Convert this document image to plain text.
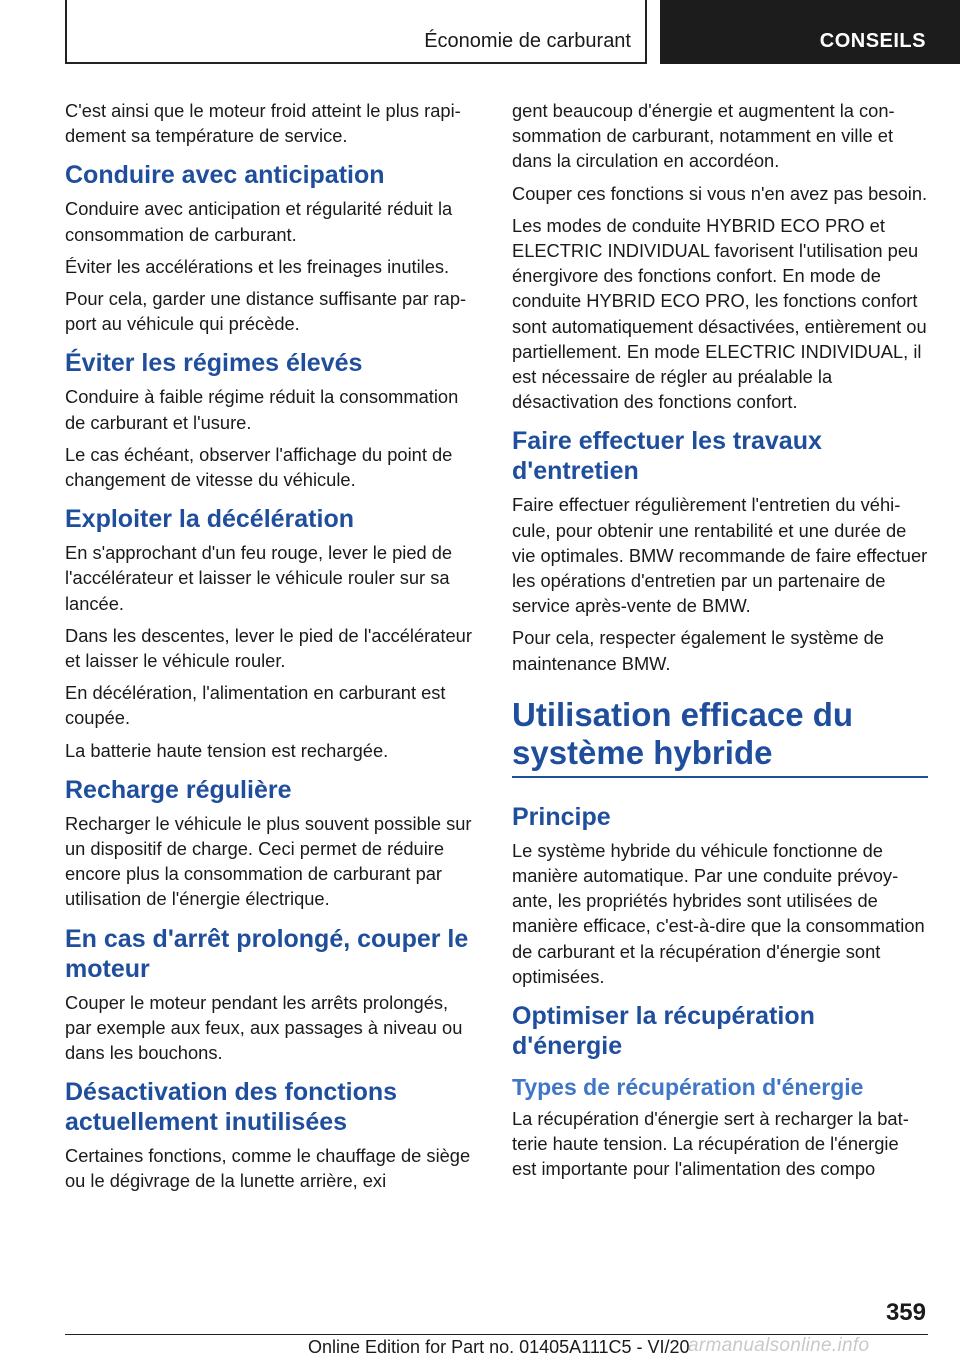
Économie de carburant	CONSEILS

C'est ainsi que le moteur froid atteint le plus rapidement sa température de service.

Conduire avec anticipation

Conduire avec anticipation et régularité réduit la consommation de carburant.

Éviter les accélérations et les freinages inutiles.

Pour cela, garder une distance suffisante par rapport au véhicule qui précède.

Éviter les régimes élevés

Conduire à faible régime réduit la consommation de carburant et l'usure.

Le cas échéant, observer l'affichage du point de changement de vitesse du véhicule.

Exploiter la décélération

En s'approchant d'un feu rouge, lever le pied de l'accélérateur et laisser le véhicule rouler sur sa lancée.

Dans les descentes, lever le pied de l'accélérateur et laisser le véhicule rouler.

En décélération, l'alimentation en carburant est coupée.

La batterie haute tension est rechargée.

Recharge régulière

Recharger le véhicule le plus souvent possible sur un dispositif de charge. Ceci permet de réduire encore plus la consommation de carburant par utilisation de l'énergie électrique.

En cas d'arrêt prolongé, couper le moteur

Couper le moteur pendant les arrêts prolongés, par exemple aux feux, aux passages à niveau ou dans les bouchons.

Désactivation des fonctions actuellement inutilisées

Certaines fonctions, comme le chauffage de siège ou le dégivrage de la lunette arrière, exi

gent beaucoup d'énergie et augmentent la consommation de carburant, notamment en ville et dans la circulation en accordéon.

Couper ces fonctions si vous n'en avez pas besoin.

Les modes de conduite HYBRID ECO PRO et ELECTRIC INDIVIDUAL favorisent l'utilisation peu énergivore des fonctions confort. En mode de conduite HYBRID ECO PRO, les fonctions confort sont automatiquement désactivées, entièrement ou partiellement. En mode ELECTRIC INDIVIDUAL, il est nécessaire de régler au préalable la désactivation des fonctions confort.

Faire effectuer les travaux d'entretien

Faire effectuer régulièrement l'entretien du véhicule, pour obtenir une rentabilité et une durée de vie optimales. BMW recommande de faire effectuer les opérations d'entretien par un partenaire de service après-vente de BMW.

Pour cela, respecter également le système de maintenance BMW.

Utilisation efficace du système hybride
Principe

Le système hybride du véhicule fonctionne de manière automatique. Par une conduite prévoyante, les propriétés hybrides sont utilisées de manière efficace, c'est-à-dire que la consommation de carburant et la récupération d'énergie sont optimisées.

Optimiser la récupération d'énergie
Types de récupération d'énergie

La récupération d'énergie sert à recharger la batterie haute tension. La récupération de l'énergie est importante pour l'alimentation des compo

359
Online Edition for Part no. 01405A111C5 - VI/20
armanualsonline.info
